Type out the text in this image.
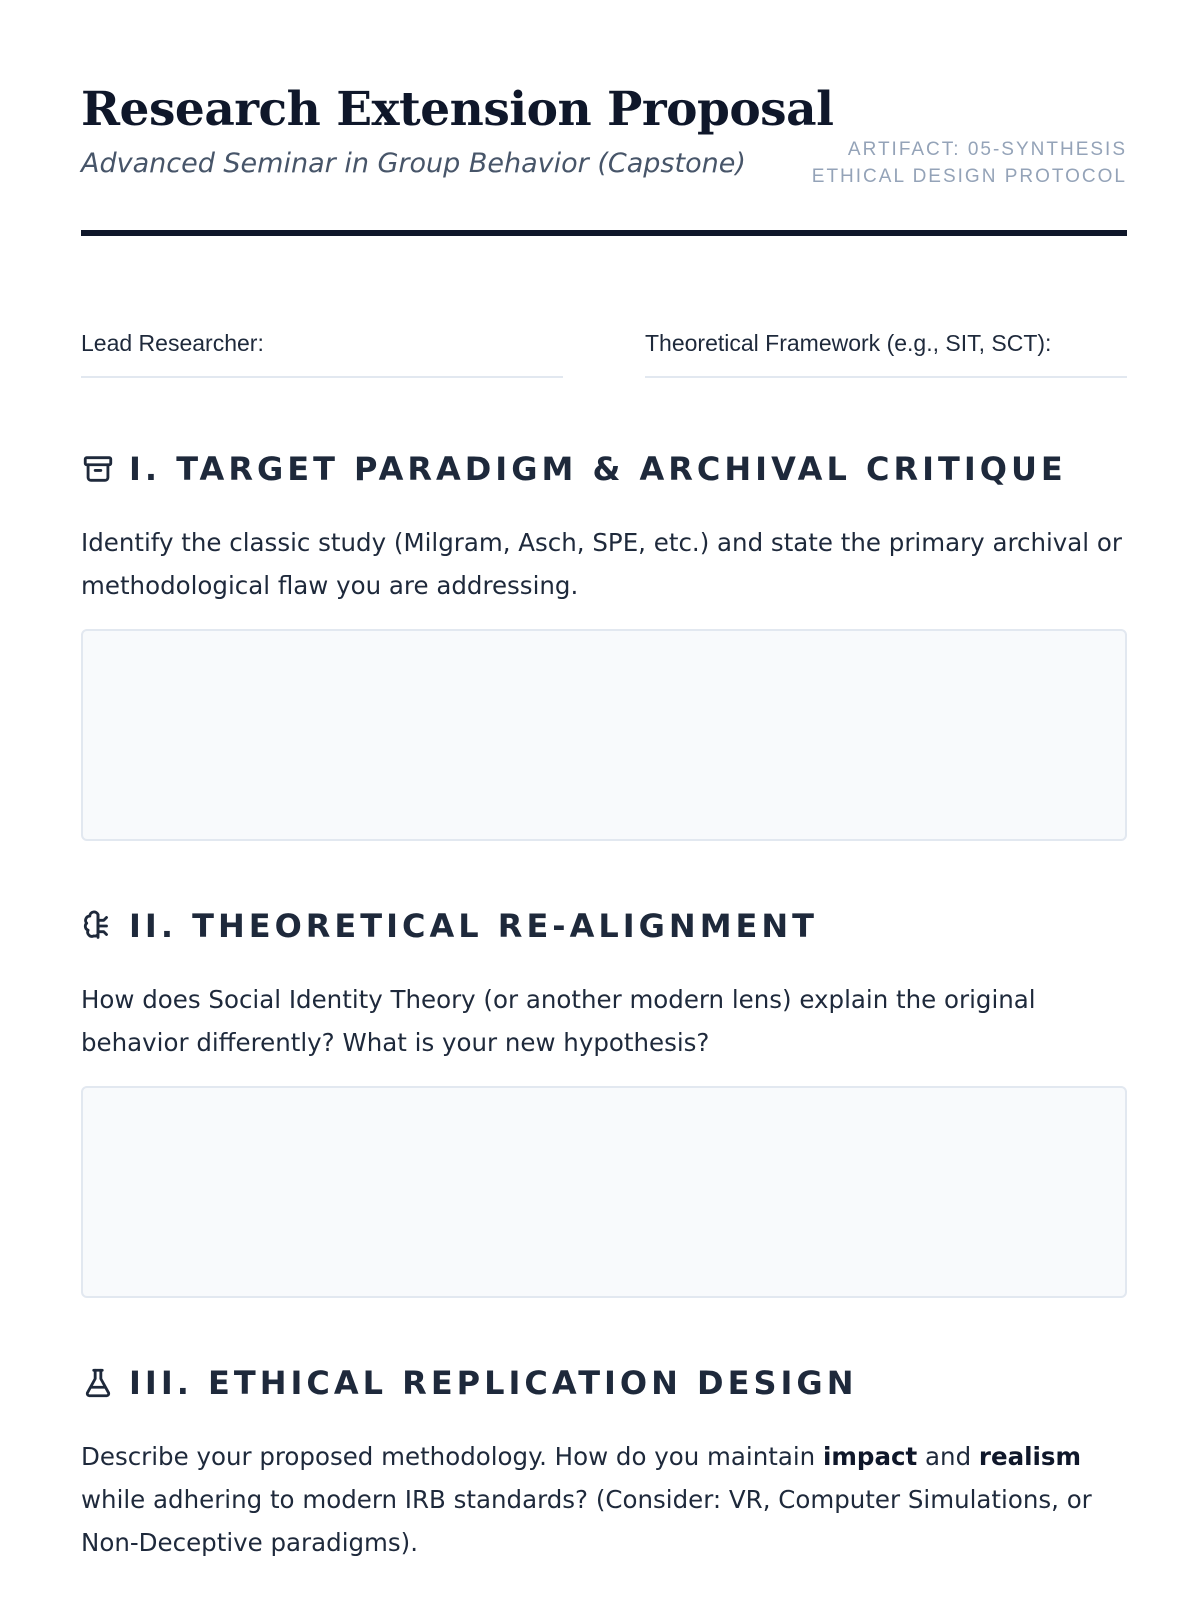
Research Extension Proposal

Advanced Seminar in Group Behavior (Capstone)	ARTIFACT: 05-SYNTHESIS
ETHICAL DESIGN PROTOCOL
Lead Researcher:	Theoretical Framework (e.g., SIT, SCT):
I. TARGET PARADIGM & ARCHIVAL CRITIQUE

Identify the classic study (Milgram, Asch, SPE, etc.) and state the primary archival or methodological flaw you are addressing.

II. THEORETICAL RE-ALIGNMENT

How does Social Identity Theory (or another modern lens) explain the original behavior differently? What is your new hypothesis?

III. ETHICAL REPLICATION DESIGN

Describe your proposed methodology. How do you maintain impact and realism while adhering to modern IRB standards? (Consider: VR, Computer Simulations, or Non-Deceptive paradigms).
